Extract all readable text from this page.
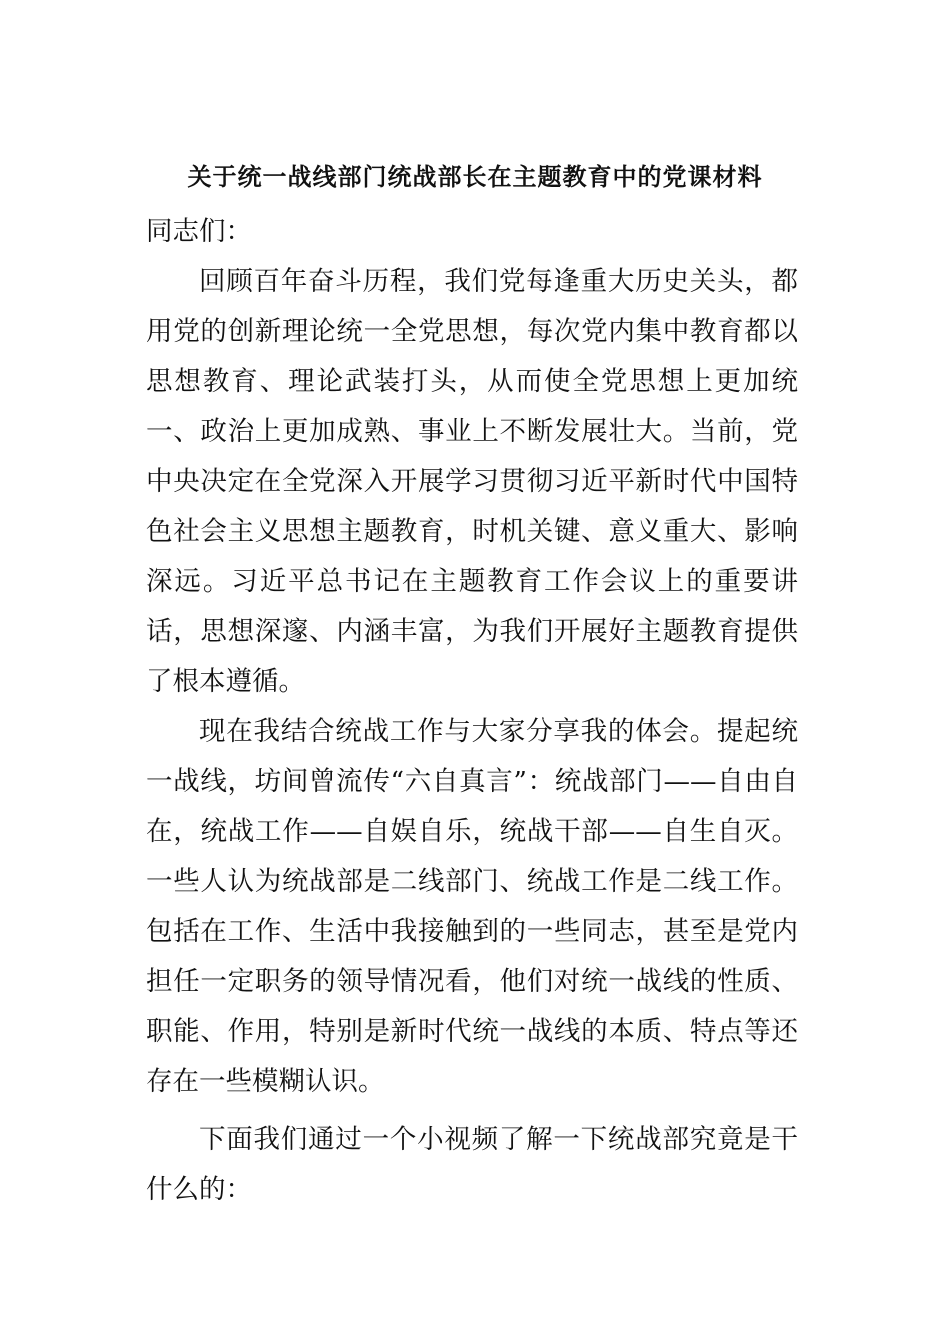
关于统一战线部门统战部长在主题教育中的党课材料

同志们：

回顾百年奋斗历程，我们党每逢重大历史关头，都用党的创新理论统一全党思想，每次党内集中教育都以思想教育、理论武装打头，从而使全党思想上更加统一、政治上更加成熟、事业上不断发展壮大。当前，党中央决定在全党深入开展学习贯彻习近平新时代中国特色社会主义思想主题教育，时机关键、意义重大、影响深远。习近平总书记在主题教育工作会议上的重要讲话，思想深邃、内涵丰富，为我们开展好主题教育提供了根本遵循。

现在我结合统战工作与大家分享我的体会。提起统一战线，坊间曾流传“六自真言”：统战部门——自由自在，统战工作——自娱自乐，统战干部——自生自灭。一些人认为统战部是二线部门、统战工作是二线工作。包括在工作、生活中我接触到的一些同志，甚至是党内担任一定职务的领导情况看，他们对统一战线的性质、职能、作用，特别是新时代统一战线的本质、特点等还存在一些模糊认识。

下面我们通过一个小视频了解一下统战部究竟是干什么的：
